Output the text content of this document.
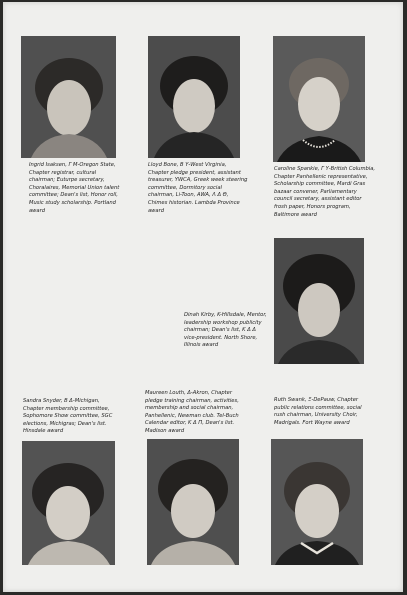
Ingrid Isaksen, Γ M-Oregon State, Chapter registrar, cultural chairman; Euturpe secretary, Choralaires, Memorial Union talent committee; Dean's list, Honor roll, Music study scholarship. Portland award

Lloyd Bone, B Υ-West Virginia, Chapter pledge president, assistant treasurer, YWCA, Greek week steering committee, Dormitory social chairman, Li-Toon, AWA, Λ Δ Θ, Chimes historian. Lambda Province award

Caroline Spankie, Γ Υ-British Columbia, Chapter Panhellenic representative, Scholarship committee, Mardi Gras bazaar convener, Parliamentary council secretary, assistant editor frosh paper, Honors program, Baltimore award

Dinah Kirby, K-Hillsdale, Mentor, leadership workshop publicity chairman; Dean's list, Κ Δ Δ vice-president. North Shore, Illinois award

Sandra Snyder, B Δ-Michigan, Chapter membership committee, Sophomore Show committee, SGC elections, Michigras; Dean's list. Hinsdale award

Maureen Louth, Δ-Akron, Chapter pledge training chairman, activities, membership and social chairman, Panhellenic, Newman club. Tel-Buch Calendar editor, Κ Δ Π, Dean's list. Madison award

Ruth Swank, Ξ-DePauw, Chapter public relations committee, social rush chairman, University Choir, Madrigals. Fort Wayne award
